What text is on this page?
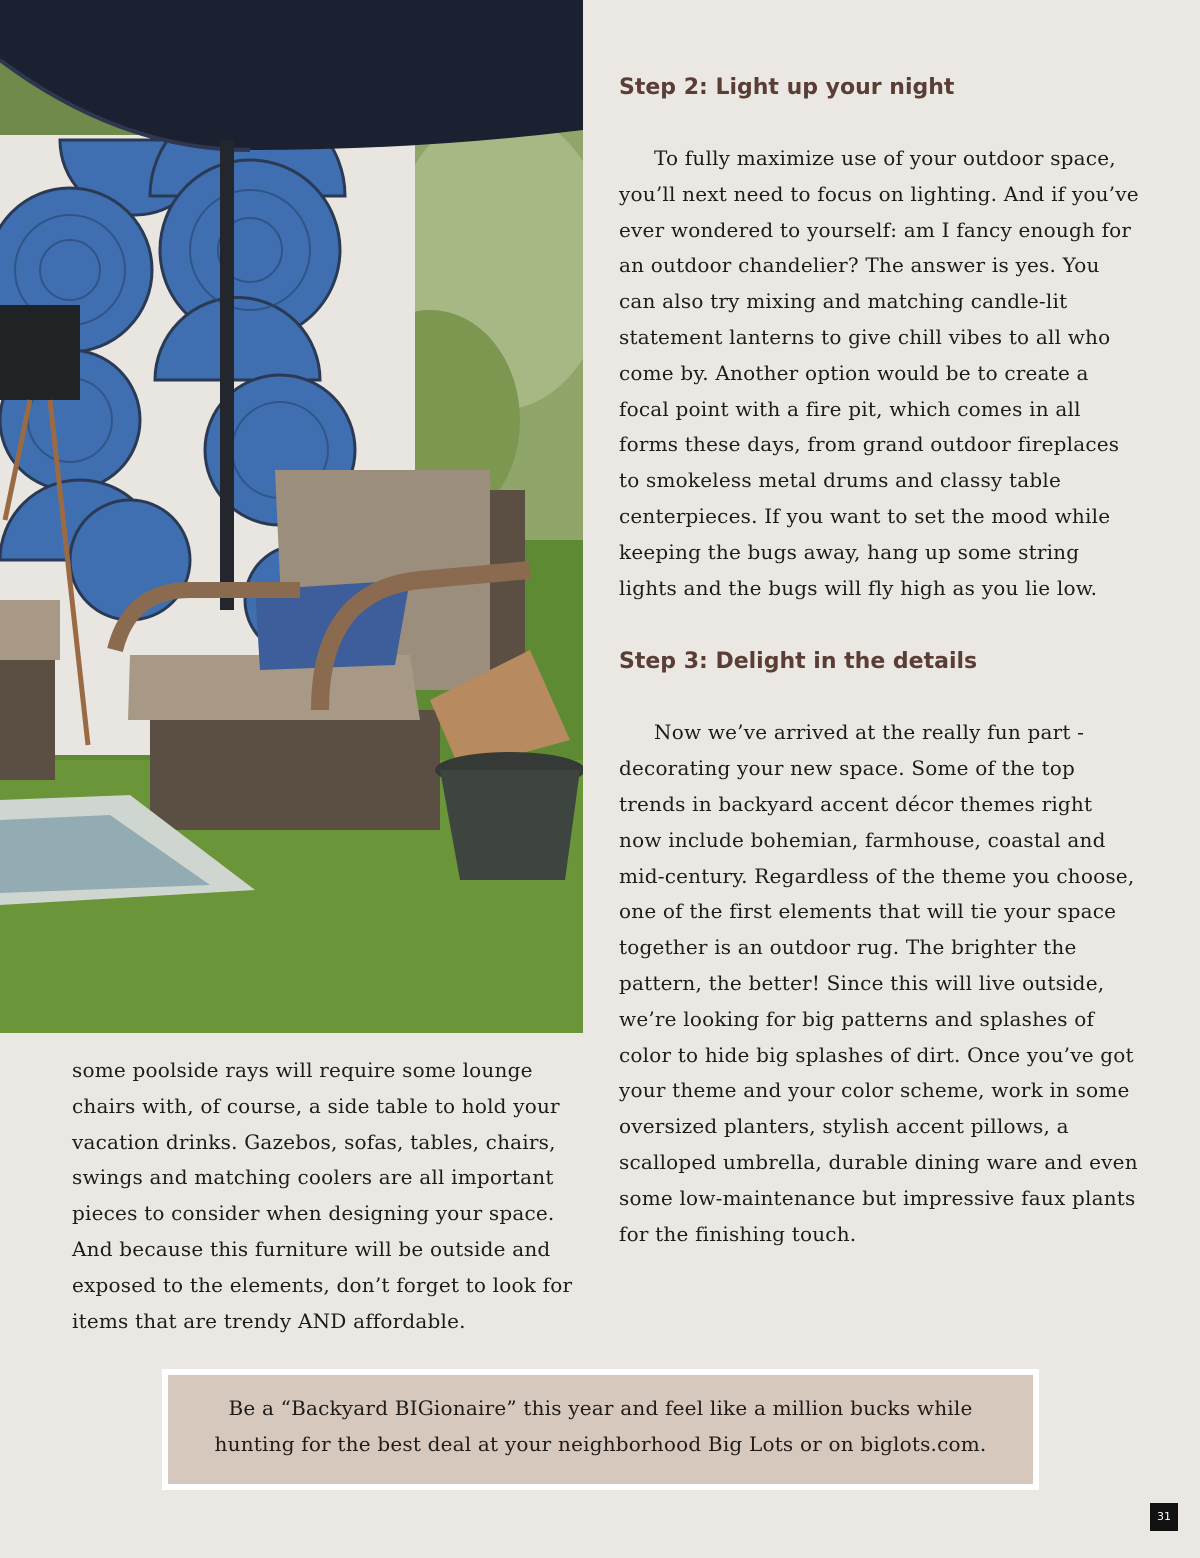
some poolside rays will require some lounge chairs with, of course, a side table to hold your vacation drinks. Gazebos, sofas, tables, chairs, swings and matching coolers are all important pieces to consider when designing your space. And because this furniture will be outside and exposed to the elements, don’t forget to look for items that are trendy AND affordable.

Step 2: Light up your night

To fully maximize use of your outdoor space, you’ll next need to focus on lighting. And if you’ve ever wondered to yourself: am I fancy enough for an outdoor chandelier? The answer is yes. You can also try mixing and matching candle-lit statement lanterns to give chill vibes to all who come by. Another option would be to create a focal point with a fire pit, which comes in all forms these days, from grand outdoor fireplaces to smokeless metal drums and classy table centerpieces. If you want to set the mood while keeping the bugs away, hang up some string lights and the bugs will fly high as you lie low.

Step 3: Delight in the details

Now we’ve arrived at the really fun part - decorating your new space. Some of the top trends in backyard accent décor themes right now include bohemian, farmhouse, coastal and mid-century. Regardless of the theme you choose, one of the first elements that will tie your space together is an outdoor rug. The brighter the pattern, the better! Since this will live outside, we’re looking for big patterns and splashes of color to hide big splashes of dirt. Once you’ve got your theme and your color scheme, work in some oversized planters, stylish accent pillows, a scalloped umbrella, durable dining ware and even some low-maintenance but impressive faux plants for the finishing touch.

Be a “Backyard BIGionaire” this year and feel like a million bucks while

hunting for the best deal at your neighborhood Big Lots or on biglots.com.

31
